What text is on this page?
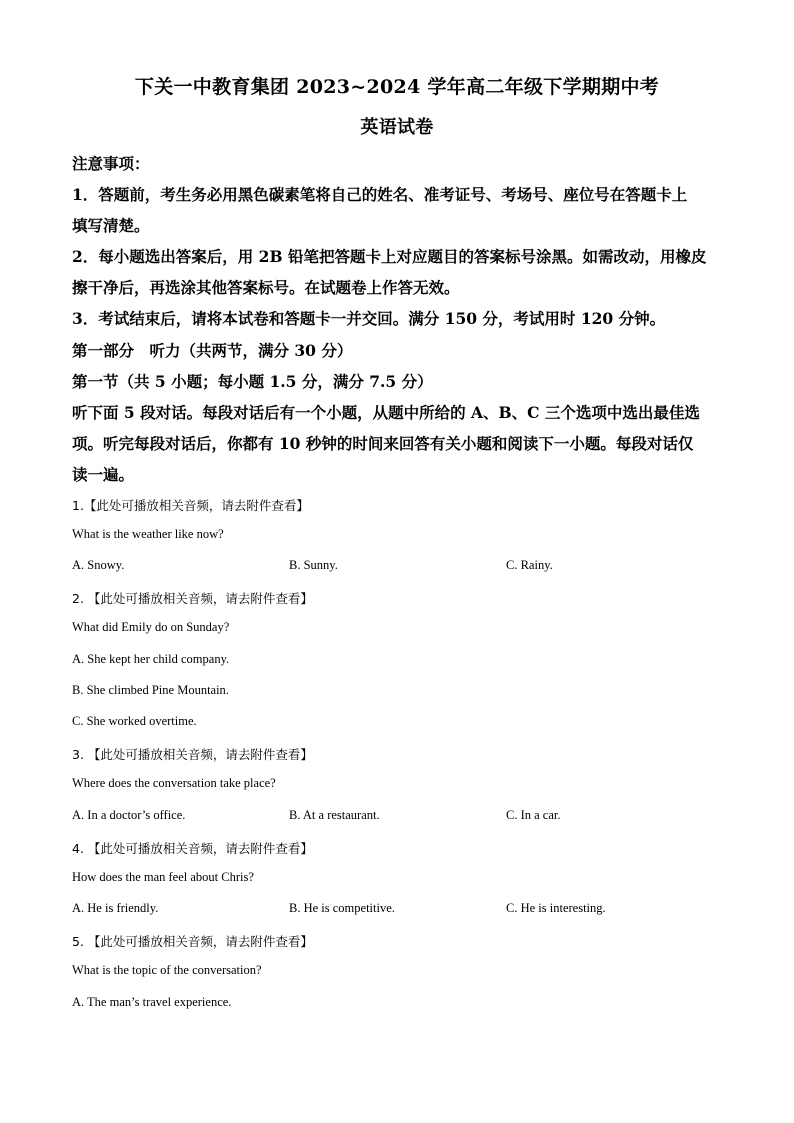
下关一中教育集团 2023~2024 学年高二年级下学期期中考
英语试卷
注意事项：
1．答题前，考生务必用黑色碳素笔将自己的姓名、准考证号、考场号、座位号在答题卡上
填写清楚。
2．每小题选出答案后，用 2B 铅笔把答题卡上对应题目的答案标号涂黑。如需改动，用橡皮
擦干净后，再选涂其他答案标号。在试题卷上作答无效。
3．考试结束后，请将本试卷和答题卡一并交回。满分 150 分，考试用时 120 分钟。
第一部分　听力（共两节，满分 30 分）
第一节（共 5 小题；每小题 1.5 分，满分 7.5 分）
听下面 5 段对话。每段对话后有一个小题，从题中所给的 A、B、C 三个选项中选出最佳选
项。听完每段对话后，你都有 10 秒钟的时间来回答有关小题和阅读下一小题。每段对话仅
读一遍。
1.【此处可播放相关音频，请去附件查看】
What is the weather like now?
A. Snowy.	B. Sunny.	C. Rainy.
2. 【此处可播放相关音频，请去附件查看】
What did Emily do on Sunday?
A. She kept her child company.
B. She climbed Pine Mountain.
C. She worked overtime.
3. 【此处可播放相关音频，请去附件查看】
Where does the conversation take place?
A. In a doctor’s office.	B. At a restaurant.	C. In a car.
4. 【此处可播放相关音频，请去附件查看】
How does the man feel about Chris?
A. He is friendly.	B. He is competitive.	C. He is interesting.
5. 【此处可播放相关音频，请去附件查看】
What is the topic of the conversation?
A. The man’s travel experience.
